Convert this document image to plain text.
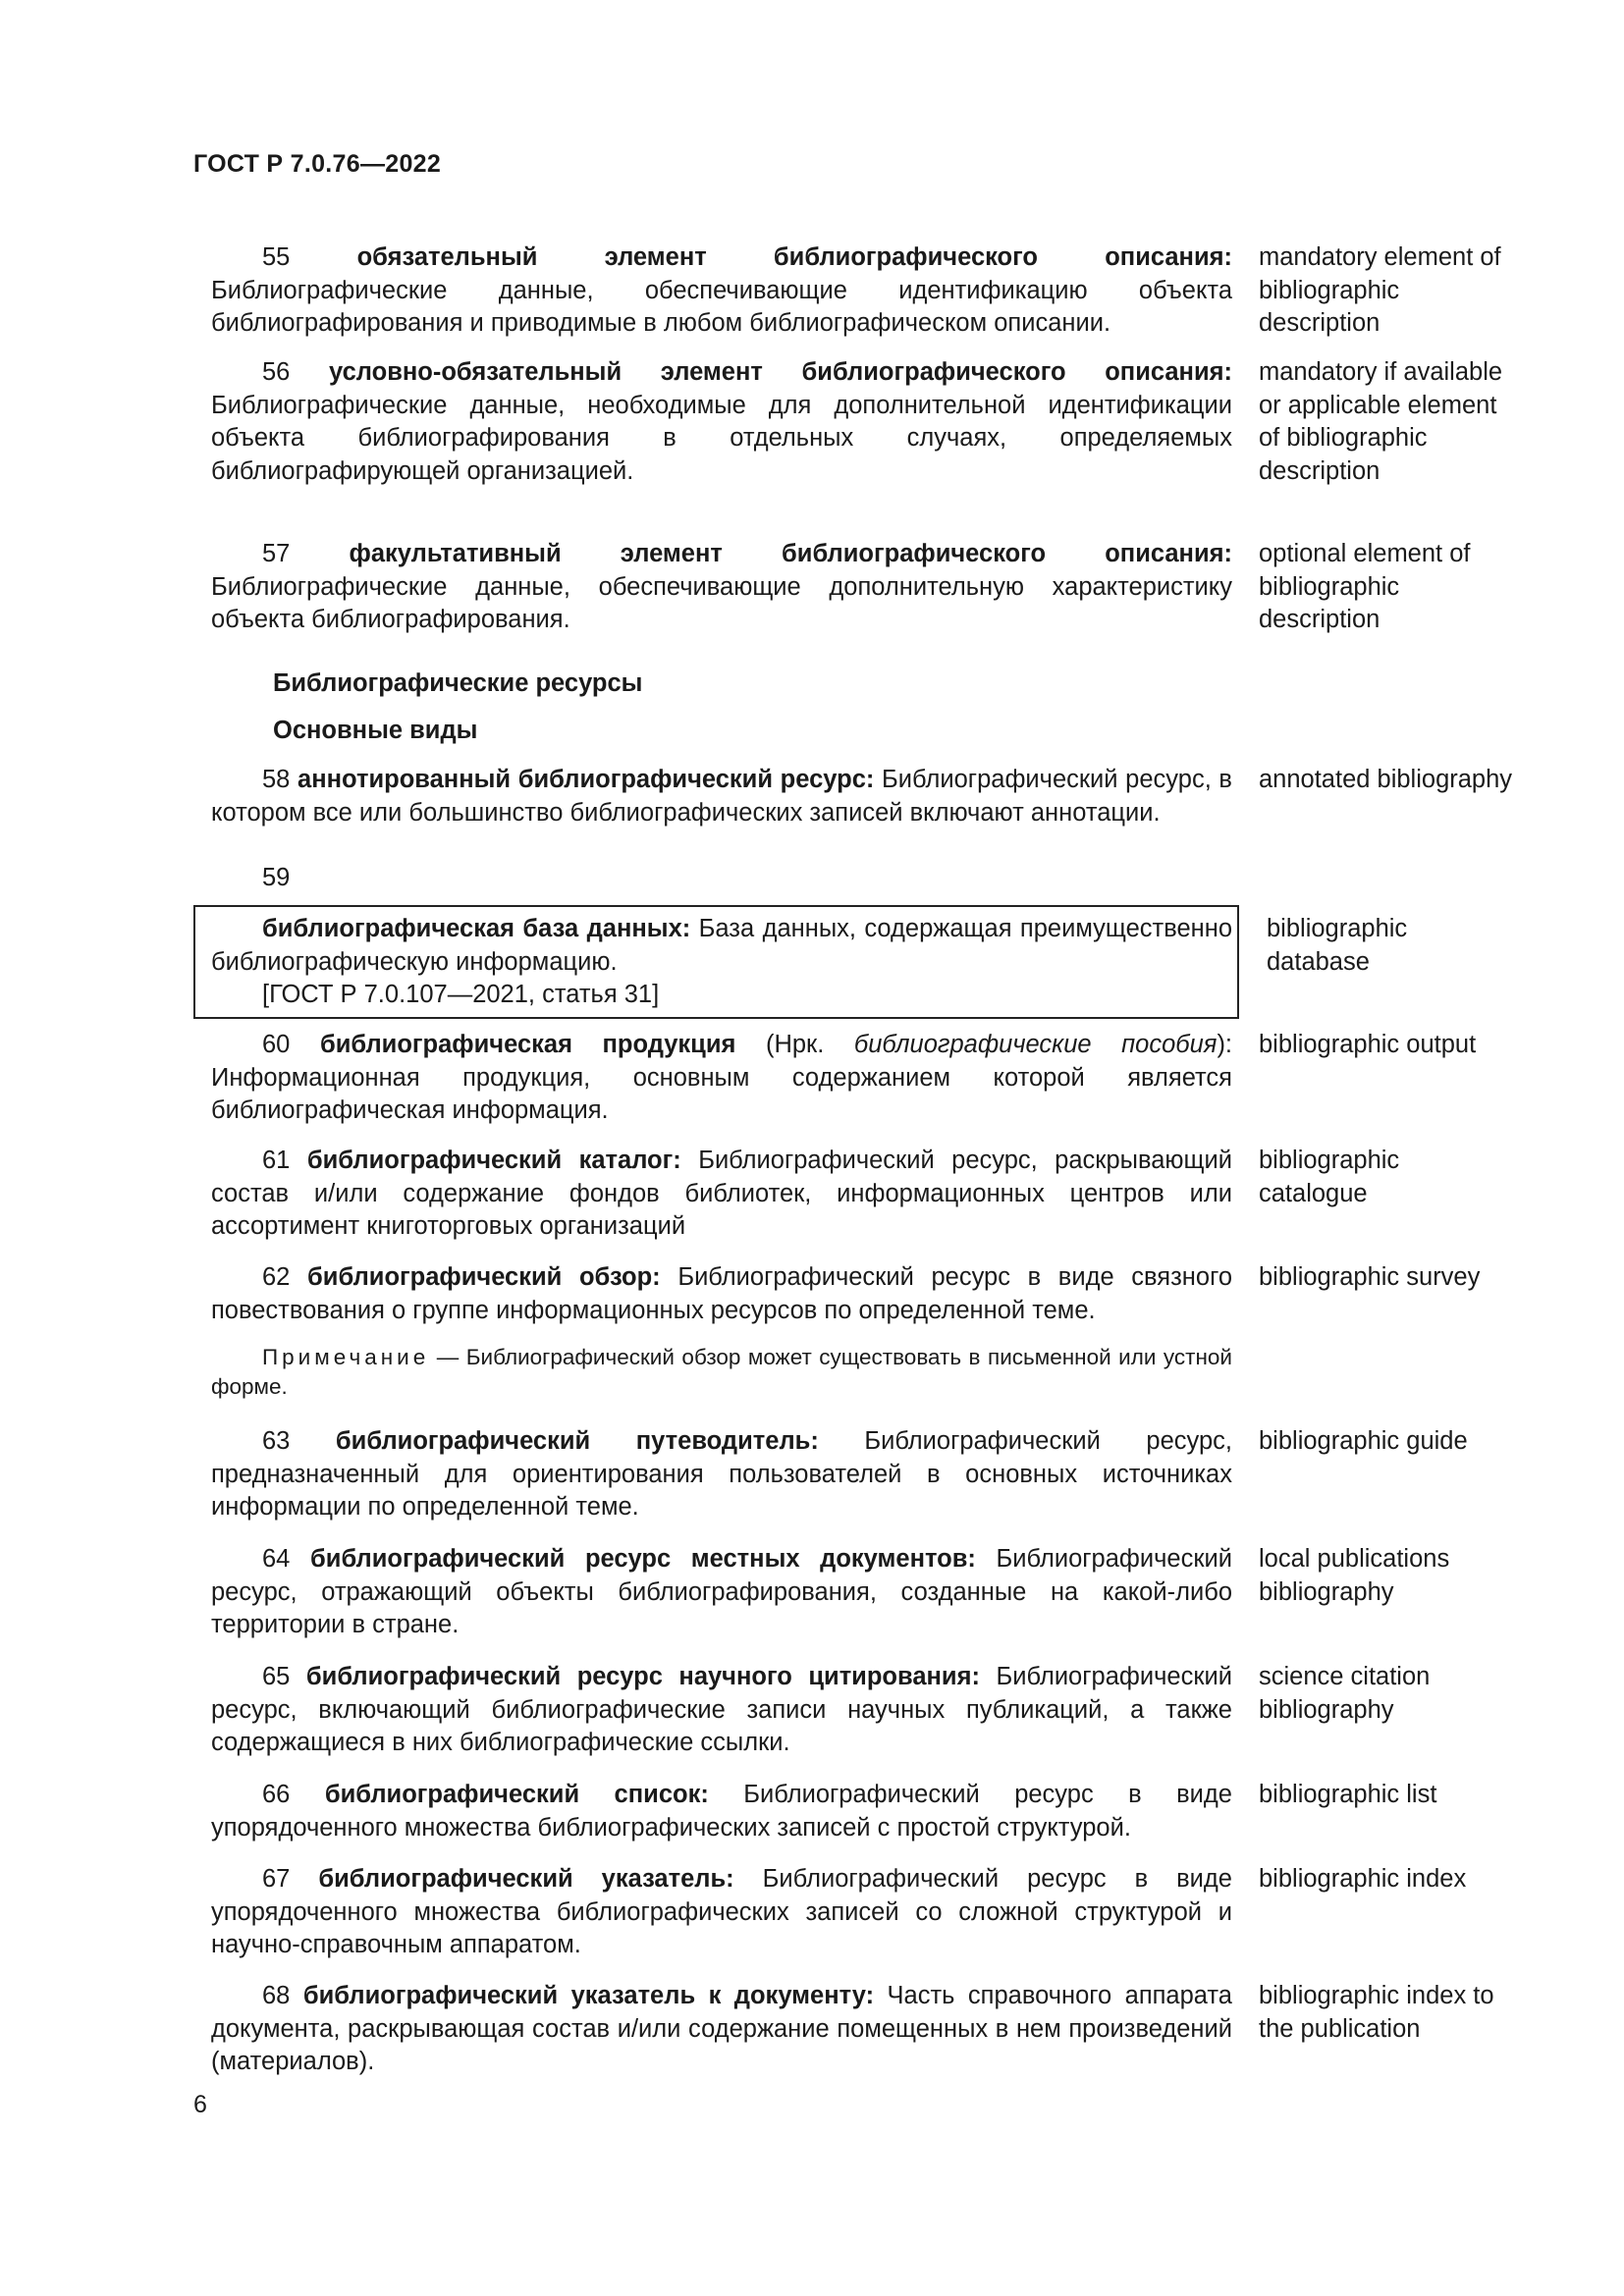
ГОСТ Р 7.0.76—2022
55	обязательный элемент библиографического описания: Библиографические данные, обеспечивающие идентификацию объекта библиографирования и приводимые в любом библиографическом описании.
mandatory element of bibliographic description
56 условно-обязательный элемент библиографического описания: Библиографические данные, необходимые для дополнительной идентификации объекта библиографирования в отдельных случаях, определяемых библиографирующей организацией.
mandatory if available or applicable element of bibliographic description
57 факультативный элемент библиографического описания: Библиографические данные, обеспечивающие дополнительную характеристику объекта библиографирования.
optional element of bibliographic description
Библиографические ресурсы
Основные виды
58 аннотированный библиографический ресурс: Библиографический ресурс, в котором все или большинство библиографических записей включают аннотации.
annotated bibliography
59
библиографическая база данных: База данных, содержащая преимущественно библиографическую информацию.
[ГОСТ Р 7.0.107—2021, статья 31]
bibliographic database
60 библиографическая продукция (Нрк. библиографические пособия): Информационная продукция, основным содержанием которой является библиографическая информация.
bibliographic output
61 библиографический каталог: Библиографический ресурс, раскрывающий состав и/или содержание фондов библиотек, информационных центров или ассортимент книготорговых организаций
bibliographic catalogue
62 библиографический обзор: Библиографический ресурс в виде связного повествования о группе информационных ресурсов по определенной теме.
bibliographic survey
Примечание — Библиографический обзор может существовать в письменной или устной форме.
63 библиографический путеводитель: Библиографический ресурс, предназначенный для ориентирования пользователей в основных источниках информации по определенной теме.
bibliographic guide
64 библиографический ресурс местных документов: Библиографический ресурс, отражающий объекты библиографирования, созданные на какой-либо территории в стране.
local publications bibliography
65 библиографический ресурс научного цитирования: Библиографический ресурс, включающий библиографические записи научных публикаций, а также содержащиеся в них библиографические ссылки.
science citation bibliography
66 библиографический список: Библиографический ресурс в виде упорядоченного множества библиографических записей с простой структурой.
bibliographic list
67 библиографический указатель: Библиографический ресурс в виде упорядоченного множества библиографических записей со сложной структурой и научно-справочным аппаратом.
bibliographic index
68 библиографический указатель к документу: Часть справочного аппарата документа, раскрывающая состав и/или содержание помещенных в нем произведений (материалов).
bibliographic index to the publication
6
